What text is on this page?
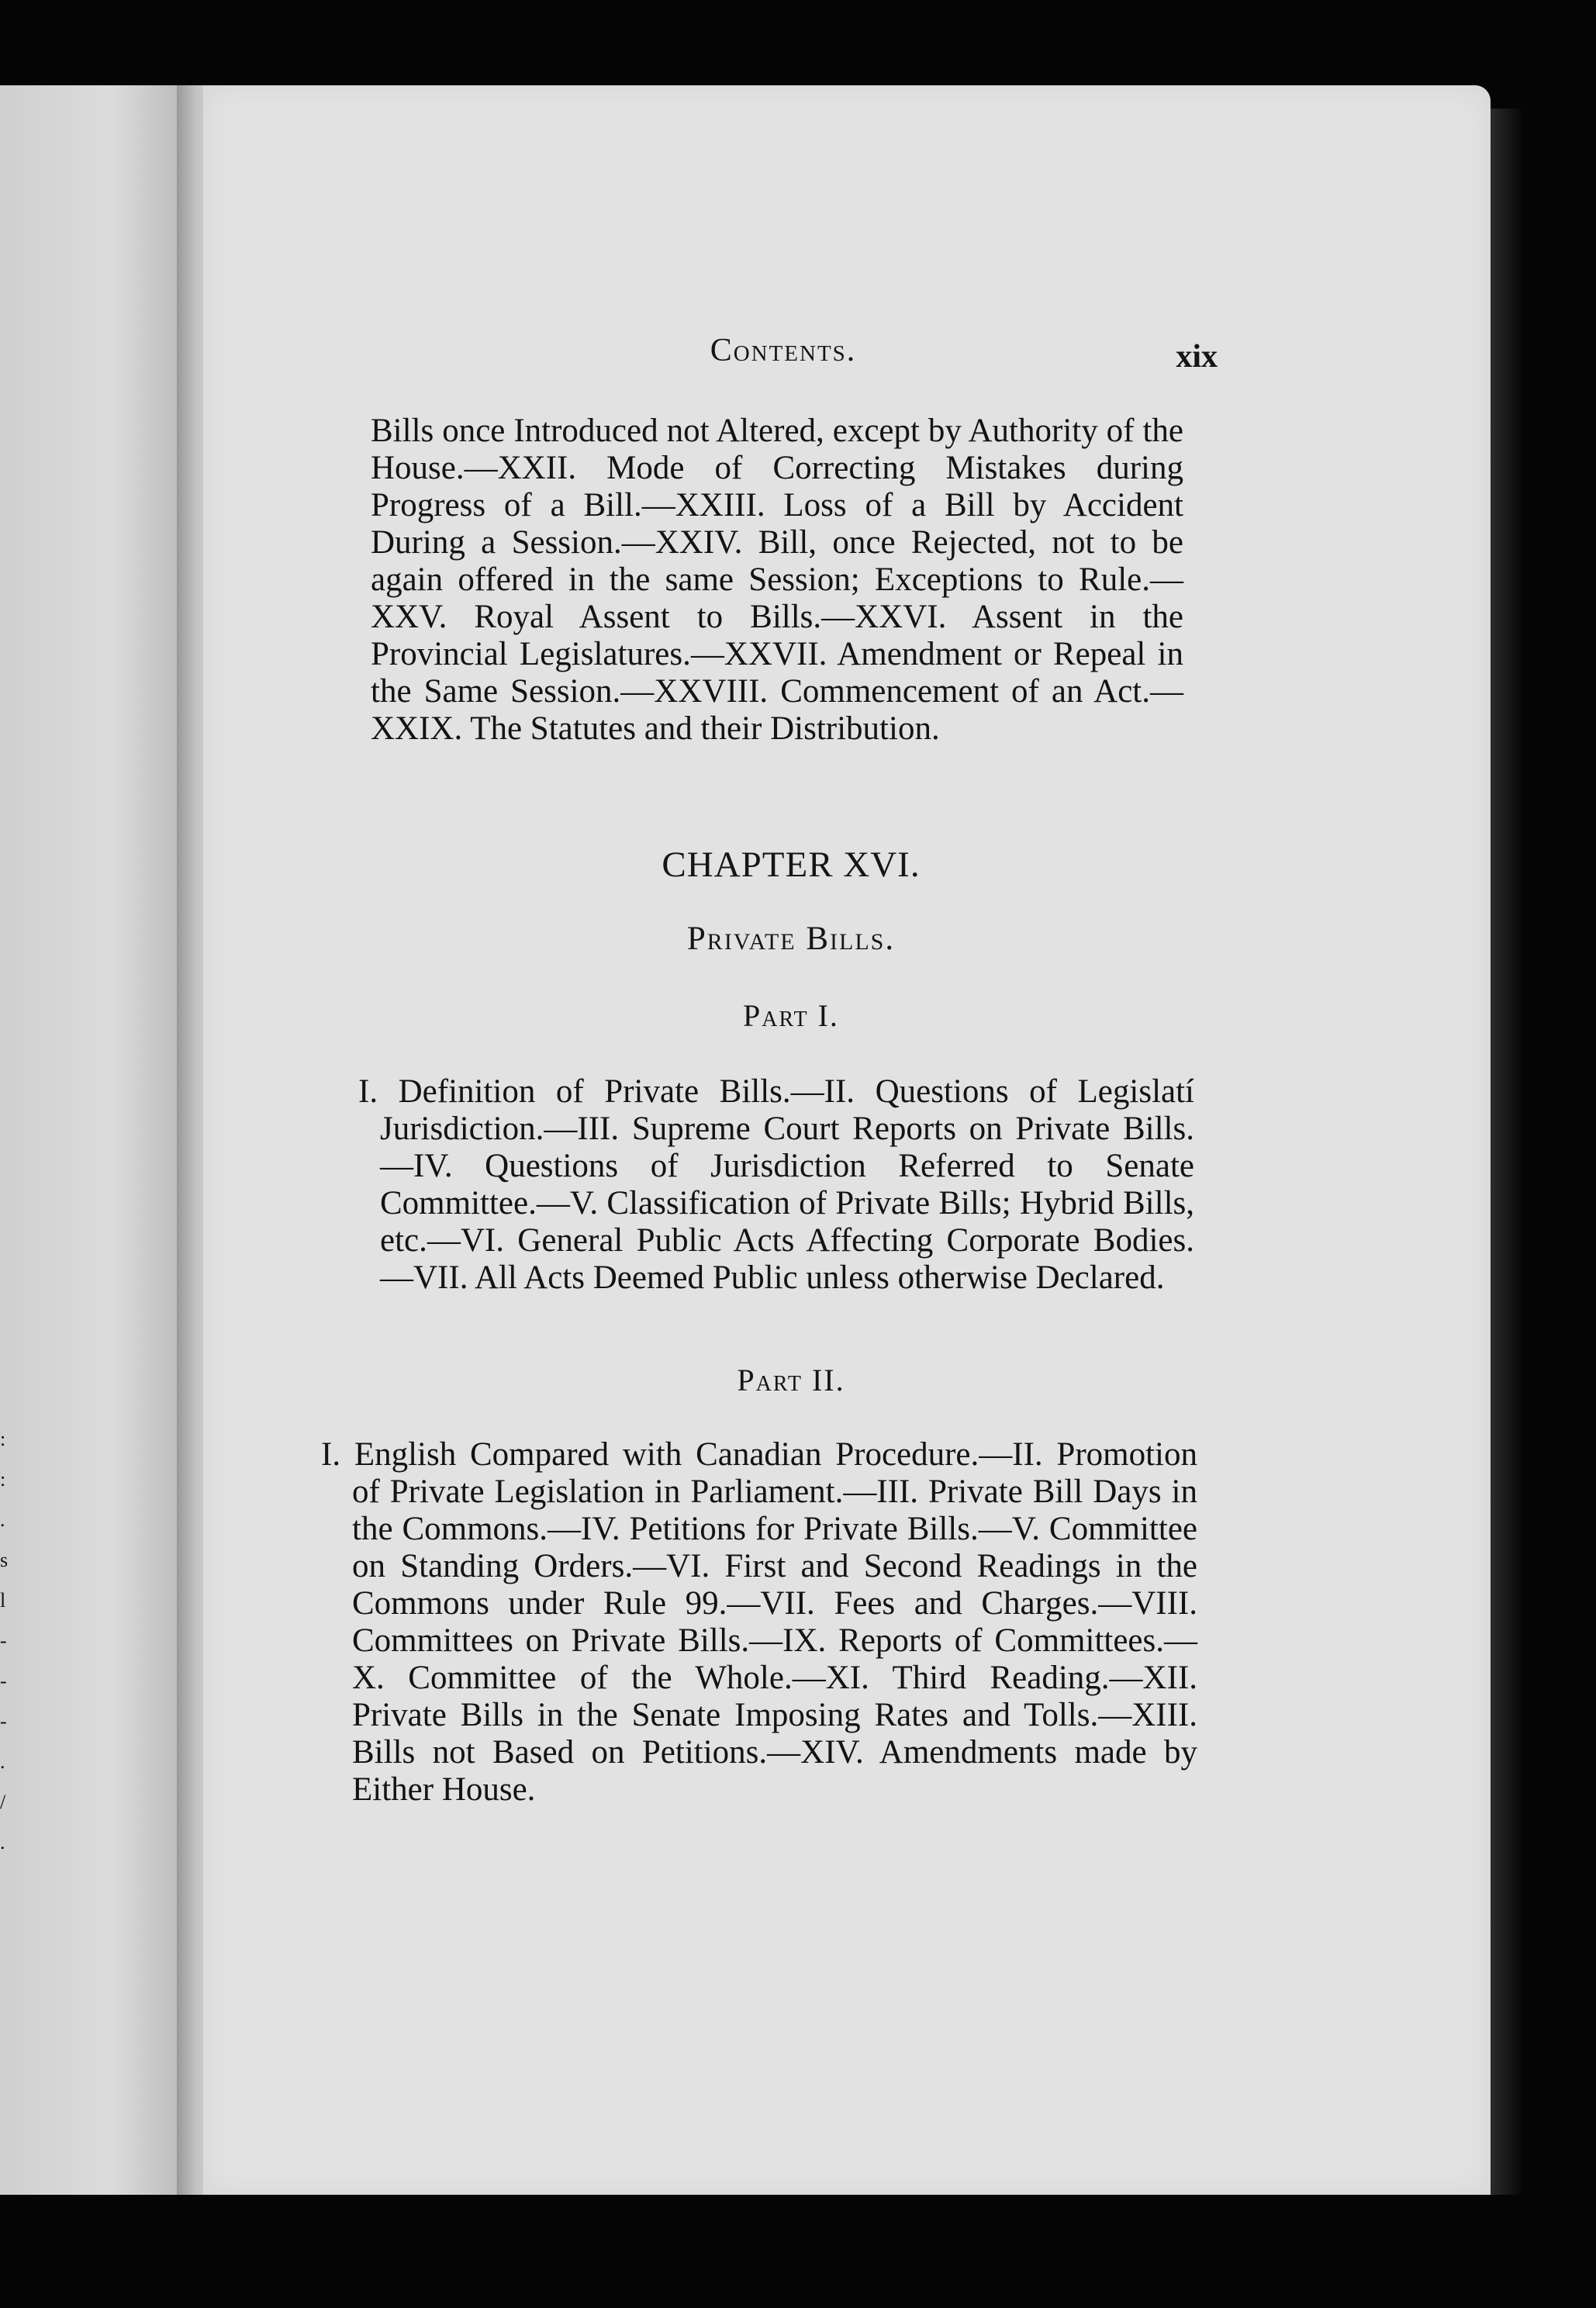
:
:
.
s
l
-
-
-
.
/
.
Contents.	xix
Bills once Introduced not Altered, except by Authority of the House.—XXII. Mode of Correcting Mistakes during Progress of a Bill.—XXIII. Loss of a Bill by Accident During a Session.—XXIV. Bill, once Rejected, not to be again offered in the same Session; Exceptions to Rule.—XXV. Royal Assent to Bills.—XXVI. Assent in the Provincial Legislatures.—XXVII. Amendment or Repeal in the Same Session.—XXVIII. Commencement of an Act.—XXIX. The Statutes and their Distribution.
CHAPTER XVI.
Private Bills.
Part I.
I. Definition of Private Bills.—II. Questions of Legislatí Jurisdiction.—III. Supreme Court Reports on Private Bills.—IV. Questions of Jurisdiction Referred to Senate Committee.—V. Classification of Private Bills; Hybrid Bills, etc.—VI. General Public Acts Affecting Corporate Bodies.—VII. All Acts Deemed Public unless otherwise Declared.
Part II.
I. English Compared with Canadian Procedure.—II. Promotion of Private Legislation in Parliament.—III. Private Bill Days in the Commons.—IV. Petitions for Private Bills.—V. Committee on Standing Orders.—VI. First and Second Readings in the Commons under Rule 99.—VII. Fees and Charges.—VIII. Committees on Private Bills.—IX. Reports of Committees.—X. Committee of the Whole.—XI. Third Reading.—XII. Private Bills in the Senate Imposing Rates and Tolls.—XIII. Bills not Based on Petitions.—XIV. Amendments made by Either House.
